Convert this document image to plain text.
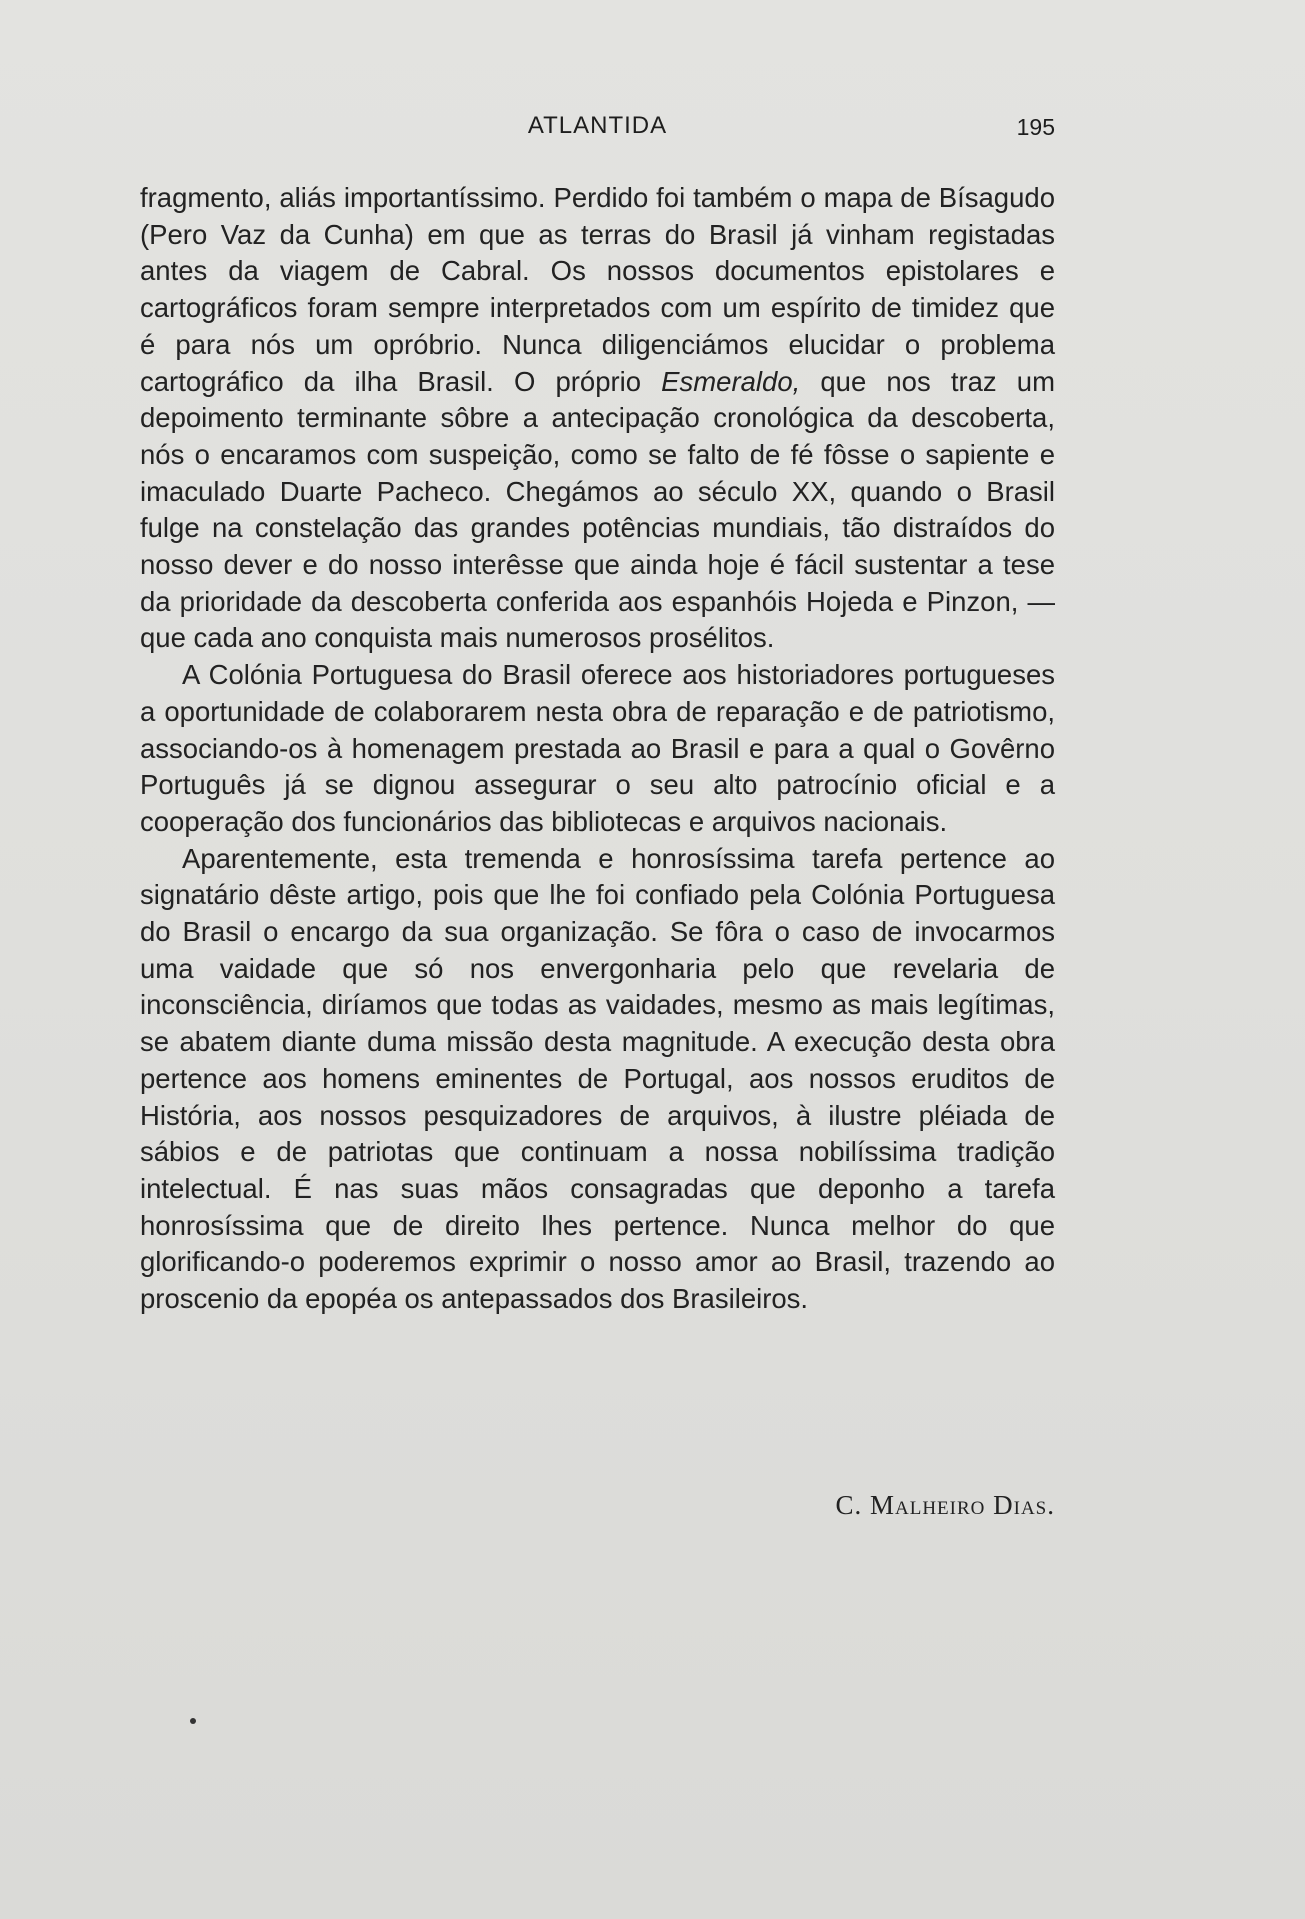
ATLANTIDA	195

fragmento, aliás importantíssimo. Perdido foi também o mapa de Bísagudo (Pero Vaz da Cunha) em que as terras do Brasil já vinham registadas antes da viagem de Cabral. Os nossos documentos epistolares e cartográficos foram sempre interpretados com um espírito de timidez que é para nós um opróbrio. Nunca diligenciámos elucidar o problema cartográfico da ilha Brasil. O próprio Esmeraldo, que nos traz um depoimento terminante sôbre a antecipação cronológica da descoberta, nós o encaramos com suspeição, como se falto de fé fôsse o sapiente e imaculado Duarte Pacheco. Chegámos ao século XX, quando o Brasil fulge na constelação das grandes potências mundiais, tão distraídos do nosso dever e do nosso interêsse que ainda hoje é fácil sustentar a tese da prioridade da descoberta conferida aos espanhóis Hojeda e Pinzon, — que cada ano conquista mais numerosos prosélitos.

A Colónia Portuguesa do Brasil oferece aos historiadores portugueses a oportunidade de colaborarem nesta obra de reparação e de patriotismo, associando-os à homenagem prestada ao Brasil e para a qual o Govêrno Português já se dignou assegurar o seu alto patrocínio oficial e a cooperação dos funcionários das bibliotecas e arquivos nacionais.

Aparentemente, esta tremenda e honrosíssima tarefa pertence ao signatário dêste artigo, pois que lhe foi confiado pela Colónia Portuguesa do Brasil o encargo da sua organização. Se fôra o caso de invocarmos uma vaidade que só nos envergonharia pelo que revelaria de inconsciência, diríamos que todas as vaidades, mesmo as mais legítimas, se abatem diante duma missão desta magnitude. A execução desta obra pertence aos homens eminentes de Portugal, aos nossos eruditos de História, aos nossos pesquizadores de arquivos, à ilustre pléiada de sábios e de patriotas que continuam a nossa nobilíssima tradição intelectual. É nas suas mãos consagradas que deponho a tarefa honrosíssima que de direito lhes pertence. Nunca melhor do que glorificando-o poderemos exprimir o nosso amor ao Brasil, trazendo ao proscenio da epopéa os antepassados dos Brasileiros.

C. Malheiro Dias.
